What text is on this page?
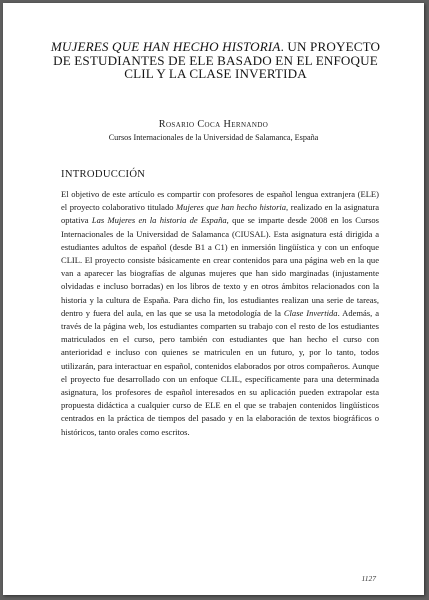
MUJERES QUE HAN HECHO HISTORIA. UN PROYECTO DE ESTUDIANTES DE ELE BASADO EN EL ENFOQUE CLIL Y LA CLASE INVERTIDA

Rosario Coca Hernando

Cursos Internacionales de la Universidad de Salamanca, España

INTRODUCCIÓN

El objetivo de este artículo es compartir con profesores de español lengua extranjera (ELE) el proyecto colaborativo titulado Mujeres que han hecho historia, realizado en la asignatura optativa Las Mujeres en la historia de España, que se imparte desde 2008 en los Cursos Internacionales de la Universidad de Salamanca (CIUSAL). Esta asignatura está dirigida a estudiantes adultos de español (desde B1 a C1) en inmersión lingüística y con un enfoque CLIL. El proyecto consiste básicamente en crear contenidos para una página web en la que van a aparecer las biografías de algunas mujeres que han sido marginadas (injustamente olvidadas e incluso borradas) en los libros de texto y en otros ámbitos relacionados con la historia y la cultura de España. Para dicho fin, los estudiantes realizan una serie de tareas, dentro y fuera del aula, en las que se usa la metodología de la Clase Invertida. Además, a través de la página web, los estudiantes comparten su trabajo con el resto de los estudiantes matriculados en el curso, pero también con estudiantes que han hecho el curso con anterioridad e incluso con quienes se matriculen en un futuro, y, por lo tanto, todos utilizarán, para interactuar en español, contenidos elaborados por otros compañeros. Aunque el proyecto fue desarrollado con un enfoque CLIL, específicamente para una determinada asignatura, los profesores de español interesados en su aplicación pueden extrapolar esta propuesta didáctica a cualquier curso de ELE en el que se trabajen contenidos lingüísticos centrados en la práctica de tiempos del pasado y en la elaboración de textos biográficos o históricos, tanto orales como escritos.

1127
